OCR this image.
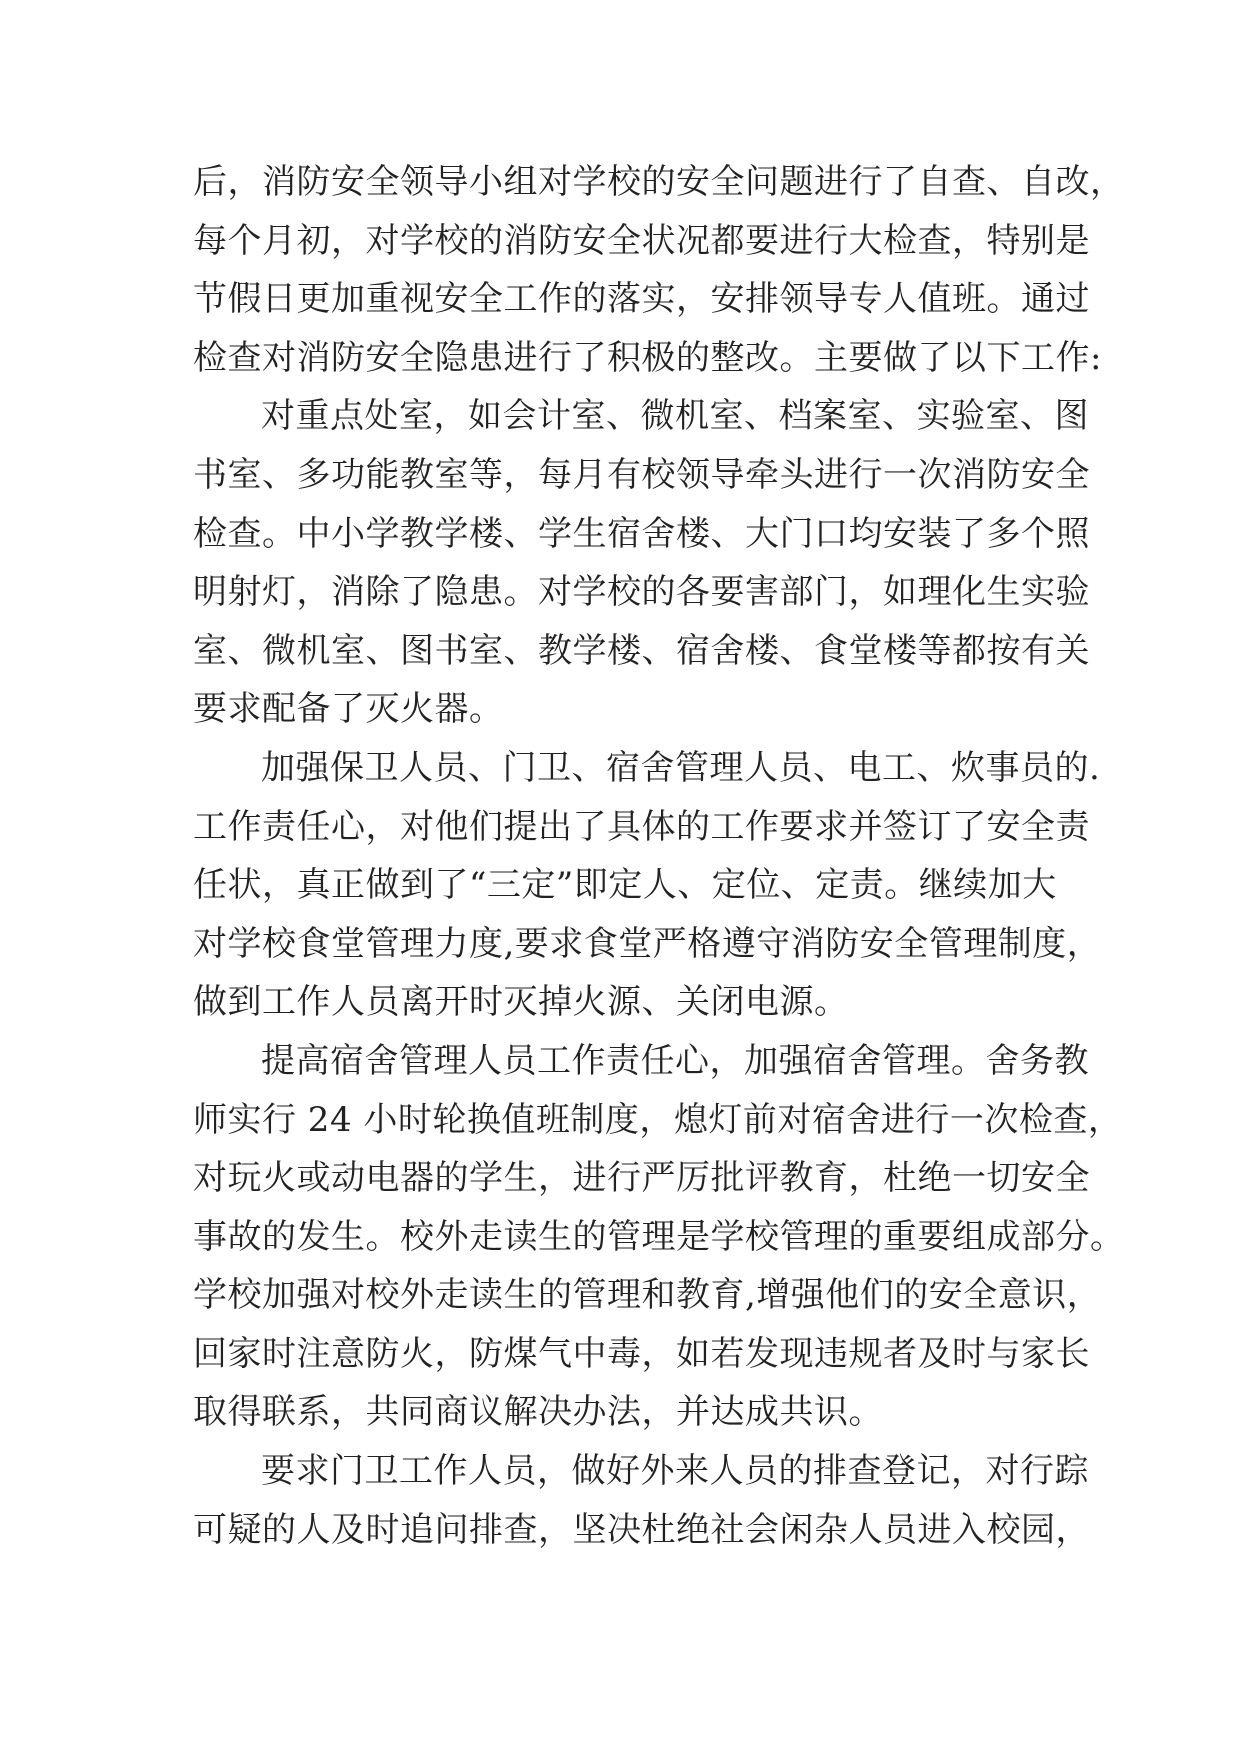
后，消防安全领导小组对学校的安全问题进行了自查、自改，
每个月初，对学校的消防安全状况都要进行大检查，特别是
节假日更加重视安全工作的落实，安排领导专人值班。通过
检查对消防安全隐患进行了积极的整改。主要做了以下工作:
对重点处室，如会计室、微机室、档案室、实验室、图
书室、多功能教室等，每月有校领导牵头进行一次消防安全
检查。中小学教学楼、学生宿舍楼、大门口均安装了多个照
明射灯，消除了隐患。对学校的各要害部门，如理化生实验
室、微机室、图书室、教学楼、宿舍楼、食堂楼等都按有关
要求配备了灭火器。
加强保卫人员、门卫、宿舍管理人员、电工、炊事员的.
工作责任心，对他们提出了具体的工作要求并签订了安全责
任状，真正做到了“三定”即定人、定位、定责。继续加大
对学校食堂管理力度,要求食堂严格遵守消防安全管理制度，
做到工作人员离开时灭掉火源、关闭电源。
提高宿舍管理人员工作责任心，加强宿舍管理。舍务教
师实行 24 小时轮换值班制度，熄灯前对宿舍进行一次检查，
对玩火或动电器的学生，进行严厉批评教育，杜绝一切安全
事故的发生。校外走读生的管理是学校管理的重要组成部分。
学校加强对校外走读生的管理和教育,增强他们的安全意识，
回家时注意防火，防煤气中毒，如若发现违规者及时与家长
取得联系，共同商议解决办法，并达成共识。
要求门卫工作人员，做好外来人员的排查登记，对行踪
可疑的人及时追问排查，坚决杜绝社会闲杂人员进入校园，
